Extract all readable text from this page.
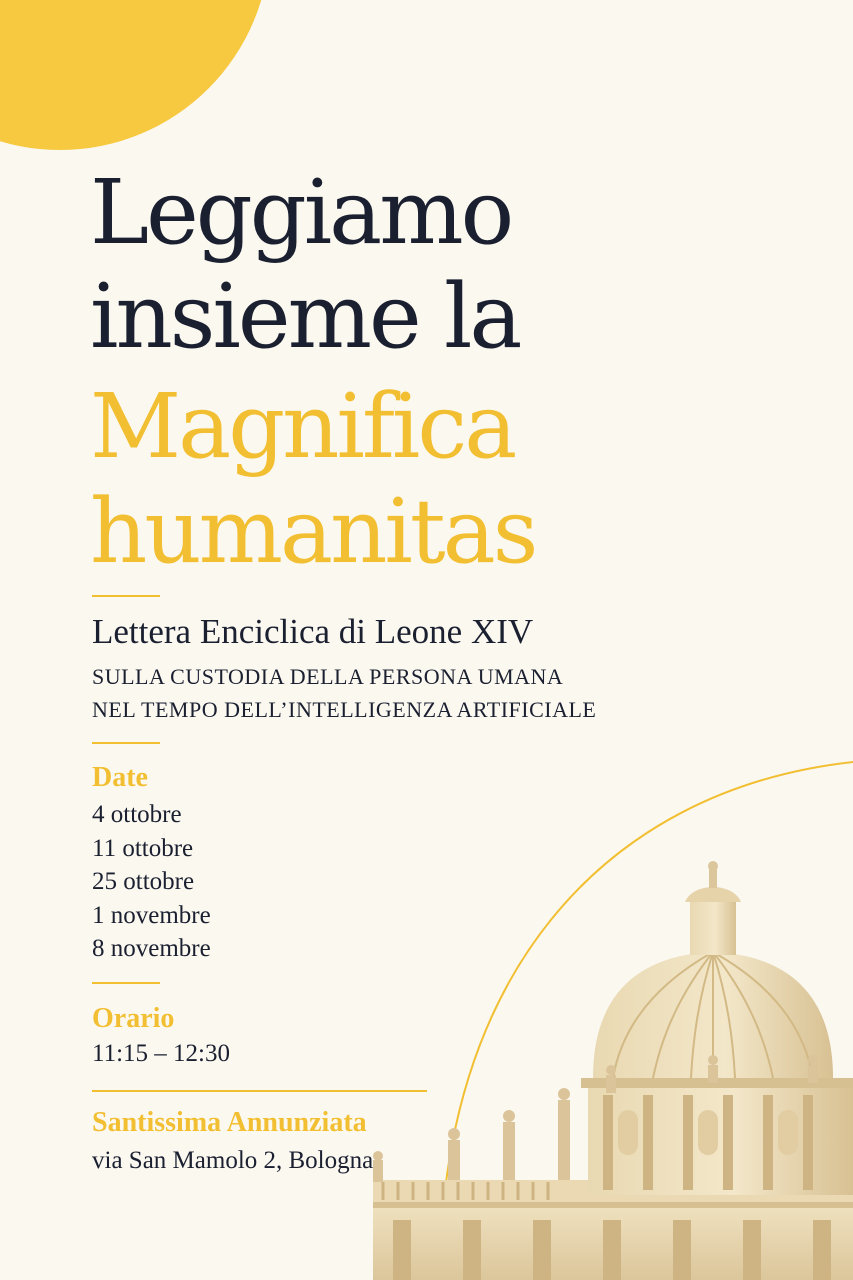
Leggiamo
insieme la
Magnifica
humanitas

Lettera Enciclica di Leone XIV

SULLA CUSTODIA DELLA PERSONA UMANA

NEL TEMPO DELL’INTELLIGENZA ARTIFICIALE

Date

4 ottobre
11 ottobre
25 ottobre
1 novembre
8 novembre

Orario

11:15 – 12:30

Santissima Annunziata

via San Mamolo 2, Bologna
